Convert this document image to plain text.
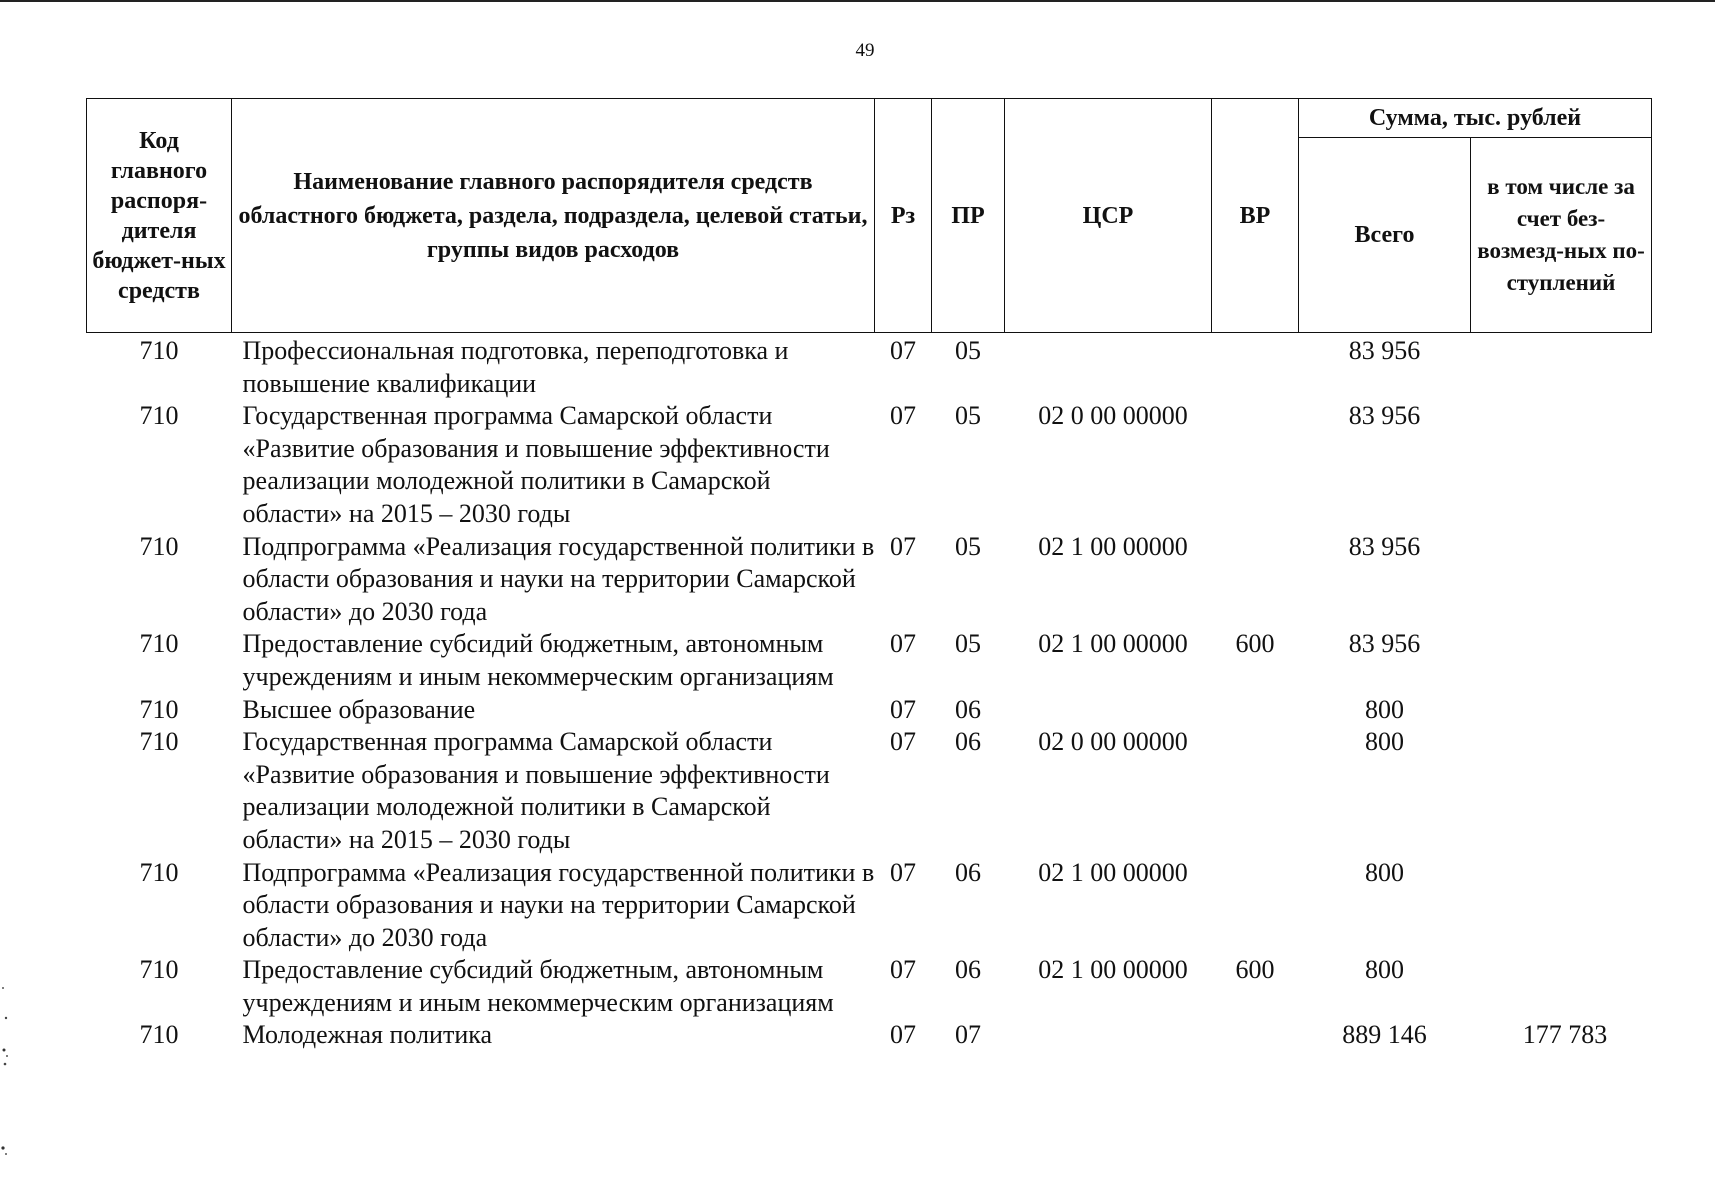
49
Код главного распоря-дителя бюджет-ных средств	Наименование главного распорядителя средств областного бюджета, раздела, подраздела, целевой статьи, группы видов расходов	Рз	ПР	ЦСР	ВР	Сумма, тыс. рублей	
						Всего	в том числе за счет без-возмезд-ных по-ступлений
710	Профессиональная подготовка, переподготовка и повышение квалификации	07	05			83 956	
710	Государственная программа Самарской области «Развитие образования и повышение эффективности реализации молодежной политики в Самарской области» на 2015 – 2030 годы	07	05	02 0 00 00000		83 956	
710	Подпрограмма «Реализация государственной политики в области образования и науки на территории Самарской области» до 2030 года	07	05	02 1 00 00000		83 956	
710	Предоставление субсидий бюджетным, автономным учреждениям и иным некоммерческим организациям	07	05	02 1 00 00000	600	83 956	
710	Высшее образование	07	06			800	
710	Государственная программа Самарской области «Развитие образования и повышение эффективности реализации молодежной политики в Самарской области» на 2015 – 2030 годы	07	06	02 0 00 00000		800	
710	Подпрограмма «Реализация государственной политики в области образования и науки на территории Самарской области» до 2030 года	07	06	02 1 00 00000		800	
710	Предоставление субсидий бюджетным, автономным учреждениям и иным некоммерческим организациям	07	06	02 1 00 00000	600	800	
710	Молодежная политика	07	07			889 146	177 783
